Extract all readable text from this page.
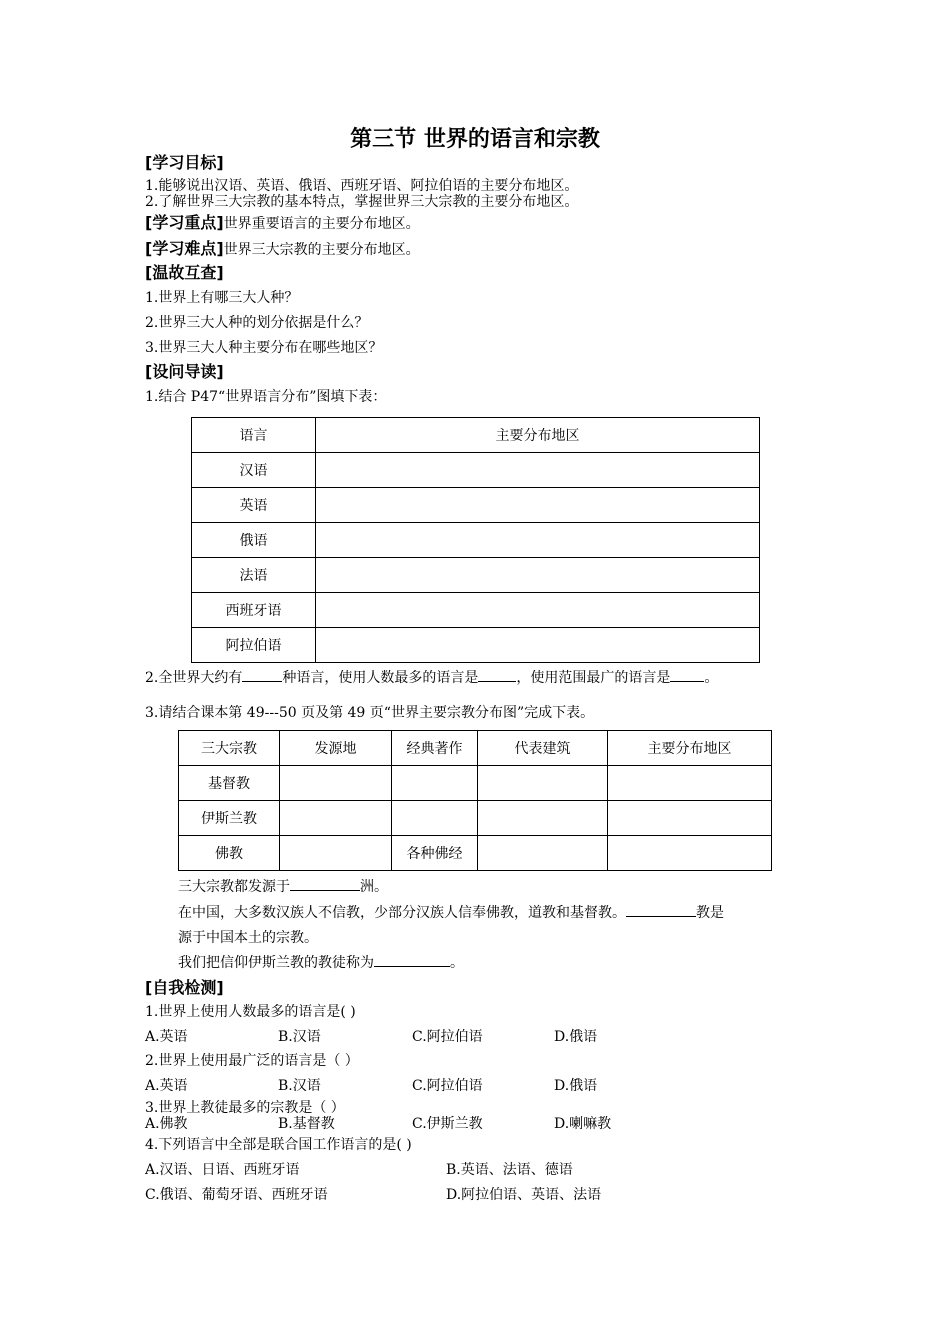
第三节 世界的语言和宗教
[学习目标]
1.能够说出汉语、英语、俄语、西班牙语、阿拉伯语的主要分布地区。
2.了解世界三大宗教的基本特点，掌握世界三大宗教的主要分布地区。
[学习重点]世界重要语言的主要分布地区。
[学习难点]世界三大宗教的主要分布地区。
[温故互查]
1.世界上有哪三大人种？
2.世界三大人种的划分依据是什么？
3.世界三大人种主要分布在哪些地区？
[设问导读]
1.结合 P47“世界语言分布”图填下表：
语言	主要分布地区
汉语	
英语	
俄语	
法语	
西班牙语	
阿拉伯语	
2.全世界大约有	种语言，使用人数最多的语言是	，使用范围最广的语言是 。
3.请结合课本第 49---50 页及第 49 页“世界主要宗教分布图”完成下表。
三大宗教	发源地	经典著作	代表建筑	主要分布地区
基督教				
伊斯兰教				
佛教		各种佛经		
三大宗教都发源于	洲。
在中国，大多数汉族人不信教，少部分汉族人信奉佛教，道教和基督教。	教是
源于中国本土的宗教。
我们把信仰伊斯兰教的教徒称为	。
[自我检测]
1.世界上使用人数最多的语言是( )
A.英语	B.汉语	C.阿拉伯语	D.俄语
2.世界上使用最广泛的语言是（ ）
A.英语	B.汉语	C.阿拉伯语	D.俄语
3.世界上教徒最多的宗教是（ ）
A.佛教	B.基督教	C.伊斯兰教	D.喇嘛教
4.下列语言中全部是联合国工作语言的是( )
A.汉语、日语、西班牙语	B.英语、法语、德语
C.俄语、葡萄牙语、西班牙语	D.阿拉伯语、英语、法语
